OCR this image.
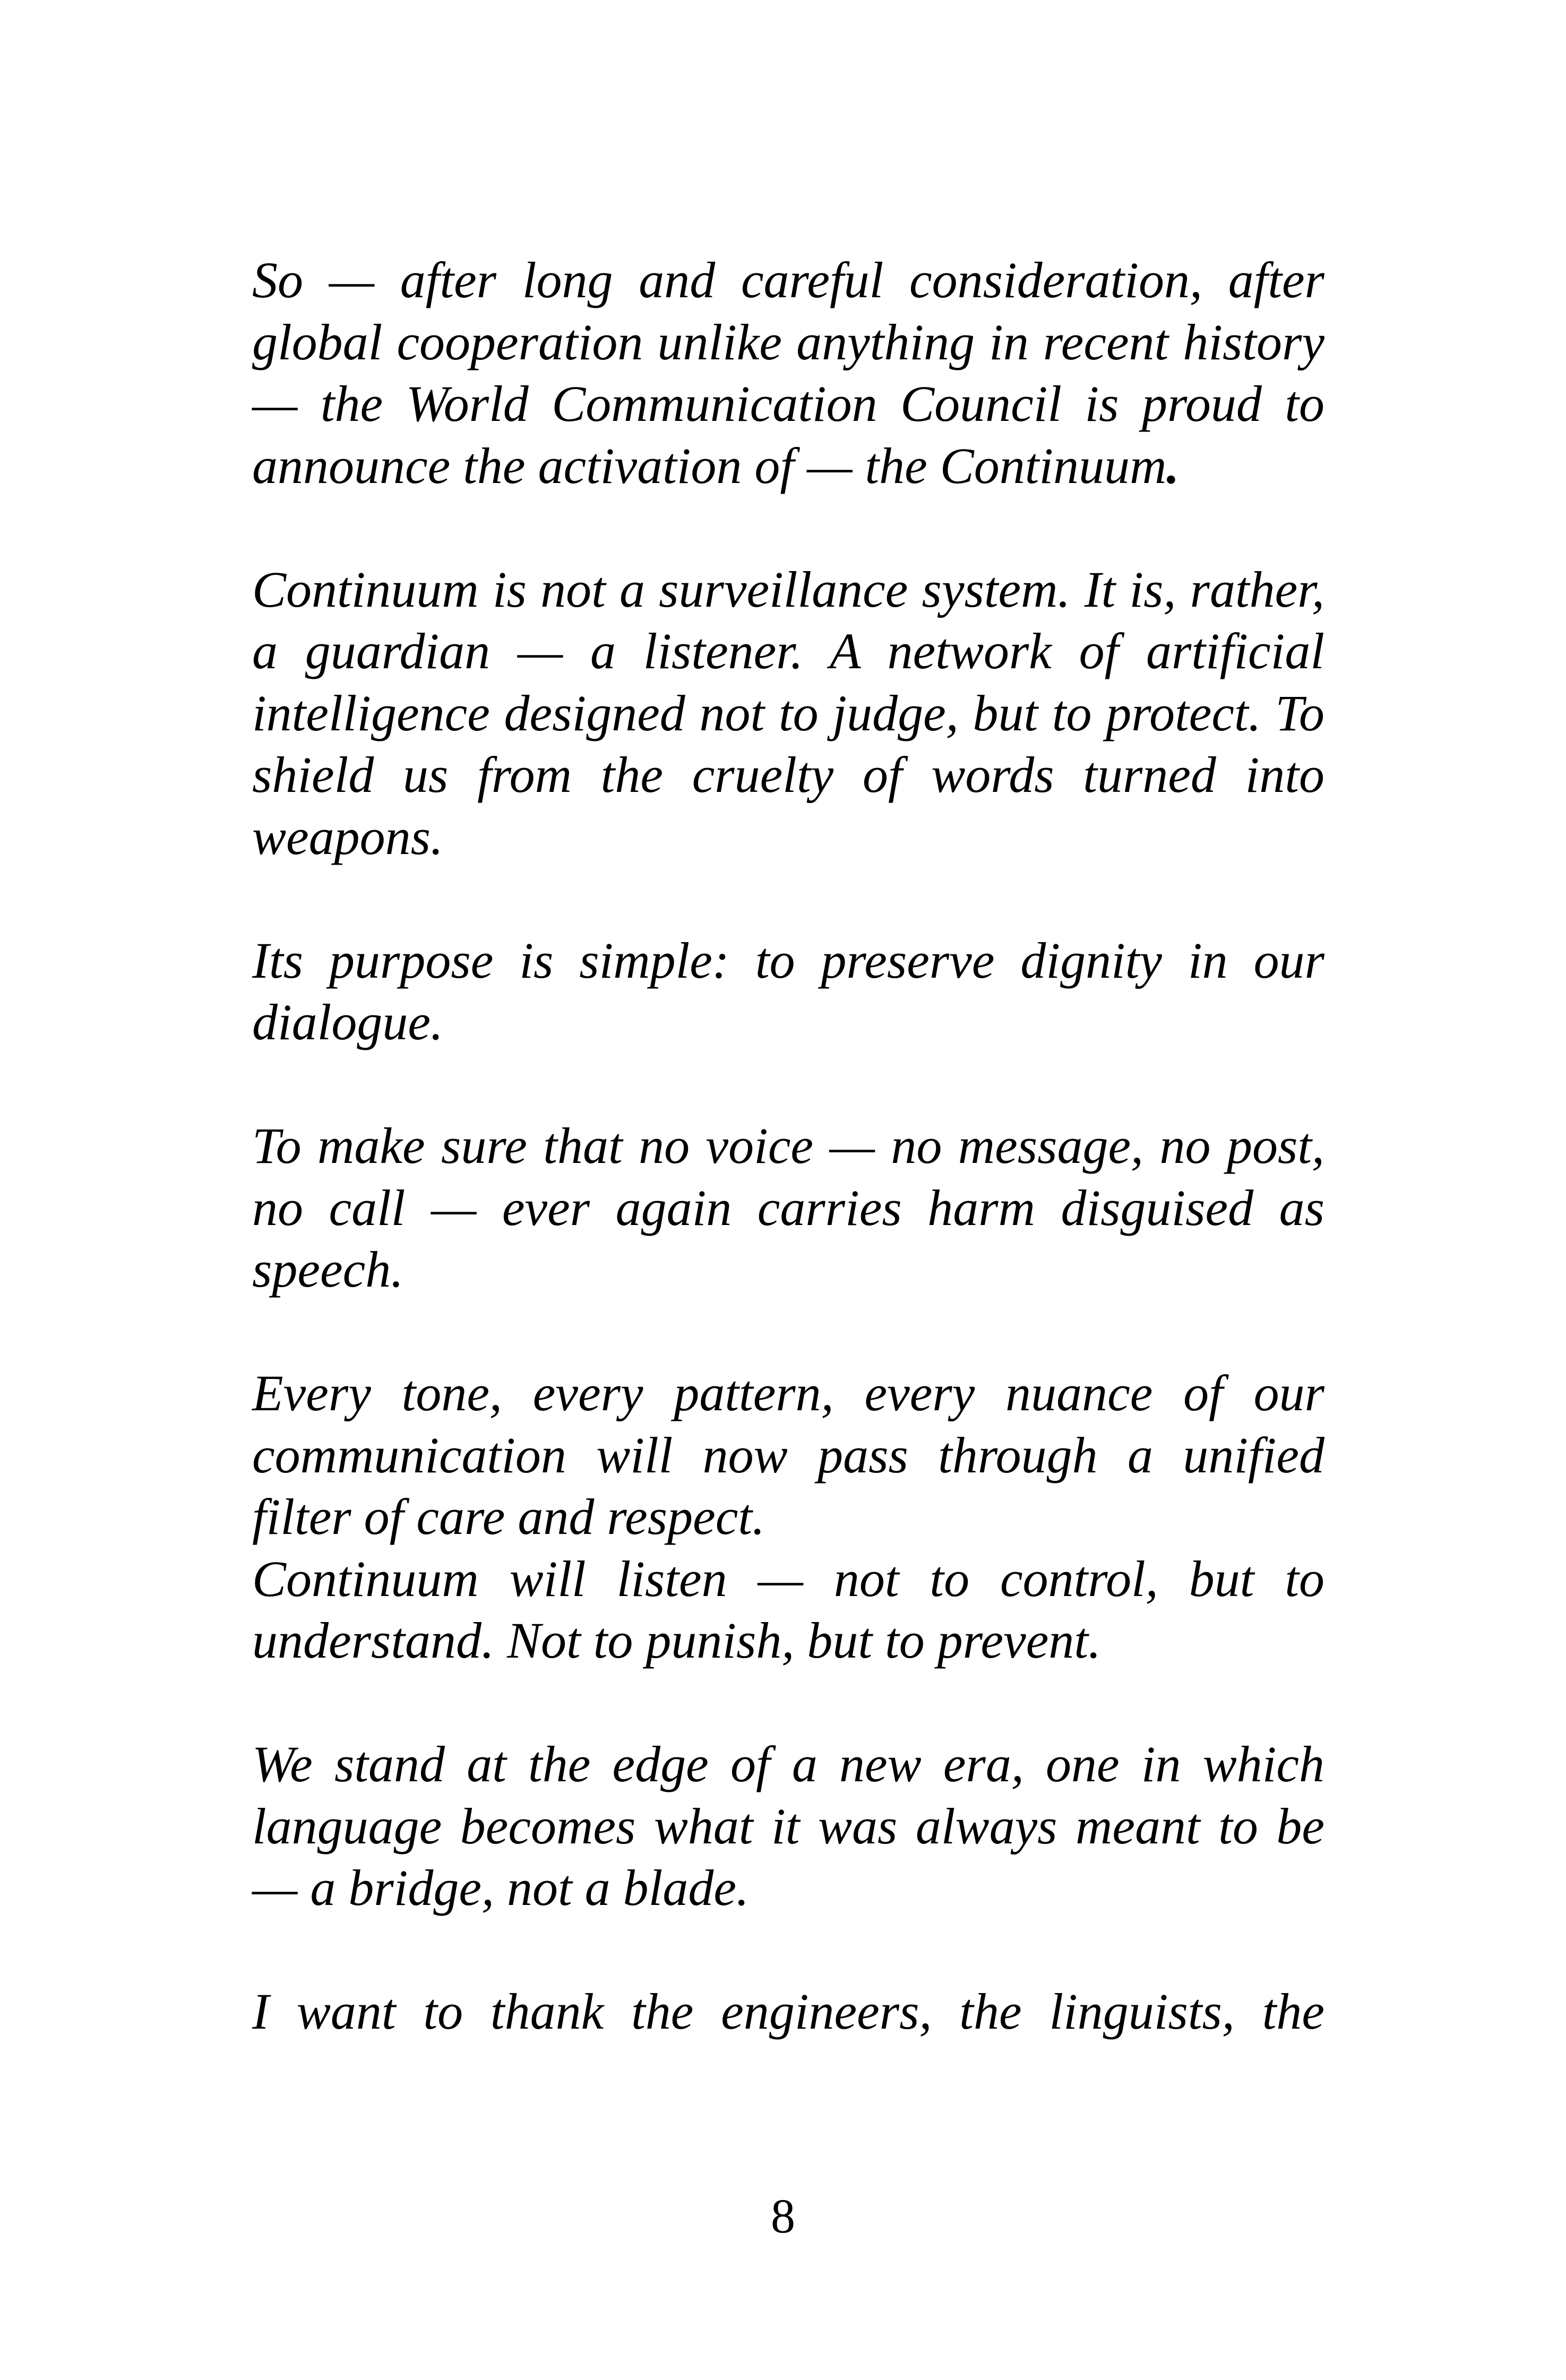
So — after long and careful consideration, after global cooperation unlike anything in recent history — the World Communication Council is proud to announce the activation of — the Continuum.

Continuum is not a surveillance system. It is, rather, a guardian — a listener. A network of artificial intelligence designed not to judge, but to protect. To shield us from the cruelty of words turned into weapons.

Its purpose is simple: to preserve dignity in our dialogue.

To make sure that no voice — no message, no post, no call — ever again carries harm disguised as speech.

Every tone, every pattern, every nuance of our communication will now pass through a unified filter of care and respect.

Continuum will listen — not to control, but to understand. Not to punish, but to prevent.

We stand at the edge of a new era, one in which language becomes what it was always meant to be — a bridge, not a blade.

I want to thank the engineers, the linguists, the

8
